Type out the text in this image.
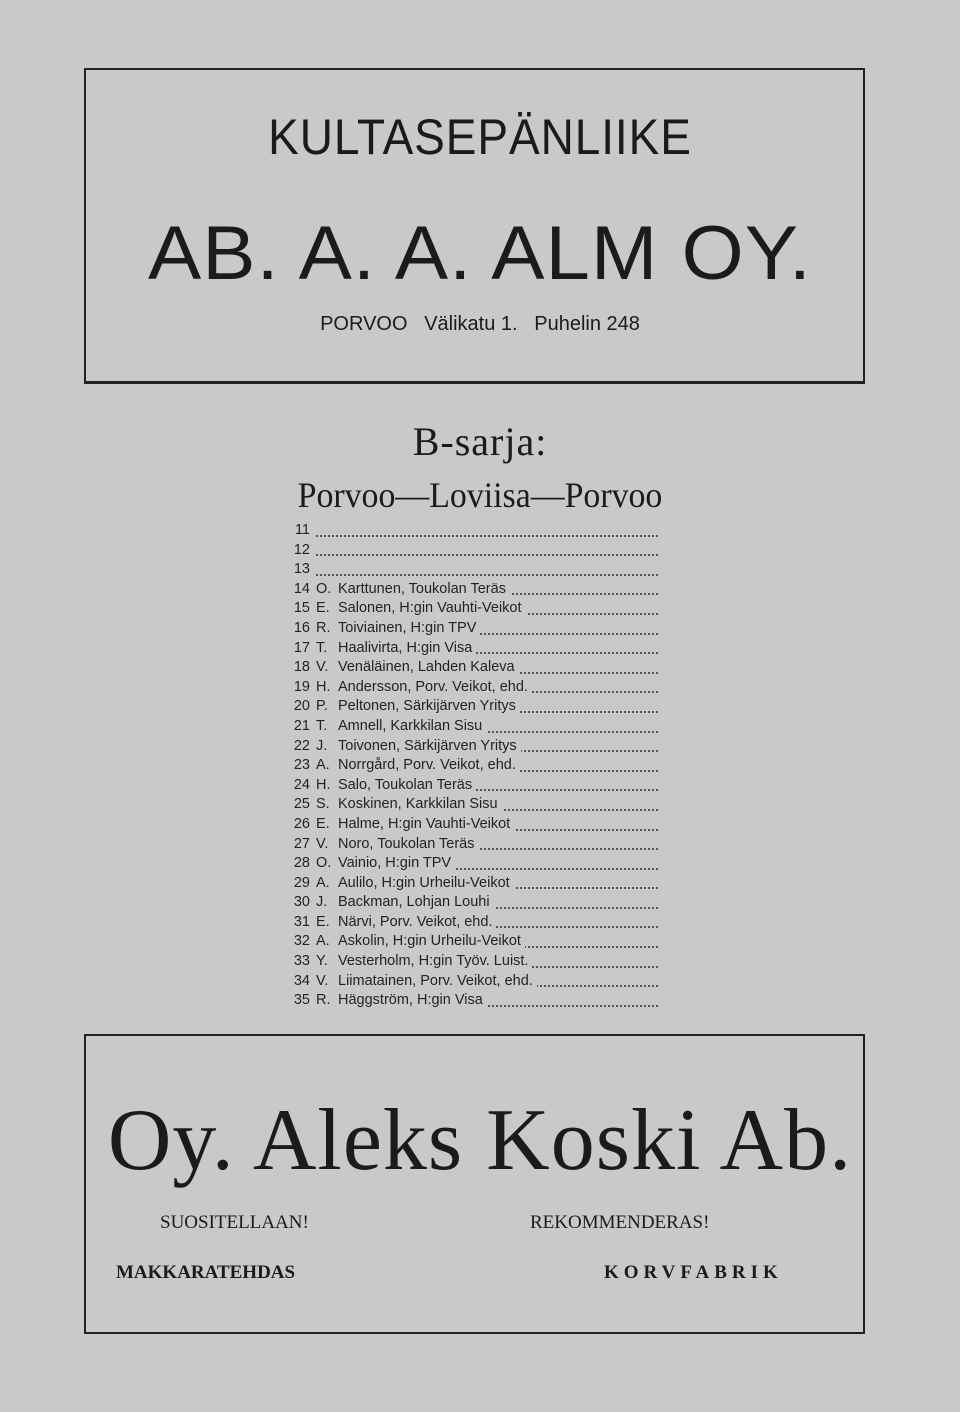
KULTASEPÄNLIIKE
AB. A. A. ALM OY.
PORVOO   Välikatu 1.   Puhelin 248
B-sarja:
Porvoo—Loviisa—Porvoo
11
12
13
14 O. Karttunen, Toukolan Teräs
15 E. Salonen, H:gin Vauhti-Veikot
16 R. Toiviainen, H:gin TPV
17 T. Haalivirta, H:gin Visa
18 V. Venäläinen, Lahden Kaleva
19 H. Andersson, Porv. Veikot, ehd.
20 P. Peltonen, Särkijärven Yritys
21 T. Amnell, Karkkilan Sisu
22 J. Toivonen, Särkijärven Yritys
23 A. Norrgård, Porv. Veikot, ehd.
24 H. Salo, Toukolan Teräs
25 S. Koskinen, Karkkilan Sisu
26 E. Halme, H:gin Vauhti-Veikot
27 V. Noro, Toukolan Teräs
28 O. Vainio, H:gin TPV
29 A. Aulilo, H:gin Urheilu-Veikot
30 J. Backman, Lohjan Louhi
31 E. Närvi, Porv. Veikot, ehd.
32 A. Askolin, H:gin Urheilu-Veikot
33 Y. Vesterholm, H:gin Työv. Luist.
34 V. Liimatainen, Porv. Veikot, ehd.
35 R. Häggström, H:gin Visa
Oy. Aleks Koski Ab.
SUOSITELLAAN!	REKOMMENDERAS!
MAKKARATEHDAS	KORVFABRIK
